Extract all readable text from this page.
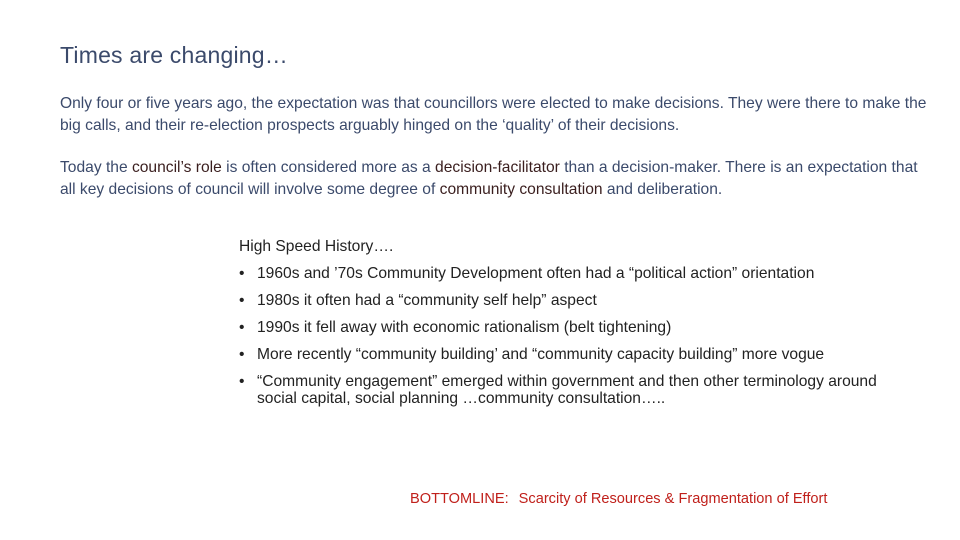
Times are changing…
Only four or five years ago, the expectation was that councillors were elected to make decisions. They were there to make the big calls, and their re-election prospects arguably hinged on the ‘quality’ of their decisions.
Today the council’s role is often considered more as a decision-facilitator than a decision-maker. There is an expectation that all key decisions of council will involve some degree of community consultation and deliberation.
High Speed History….
• 1960s and ’70s Community Development often had a “political action” orientation
• 1980s it often had a “community self help” aspect
• 1990s it fell away with economic rationalism (belt tightening)
• More recently “community building’ and “community capacity building” more vogue
• “Community engagement” emerged within government and then other terminology around social capital, social planning …community consultation…..
BOTTOMLINE: Scarcity of Resources & Fragmentation of Effort
